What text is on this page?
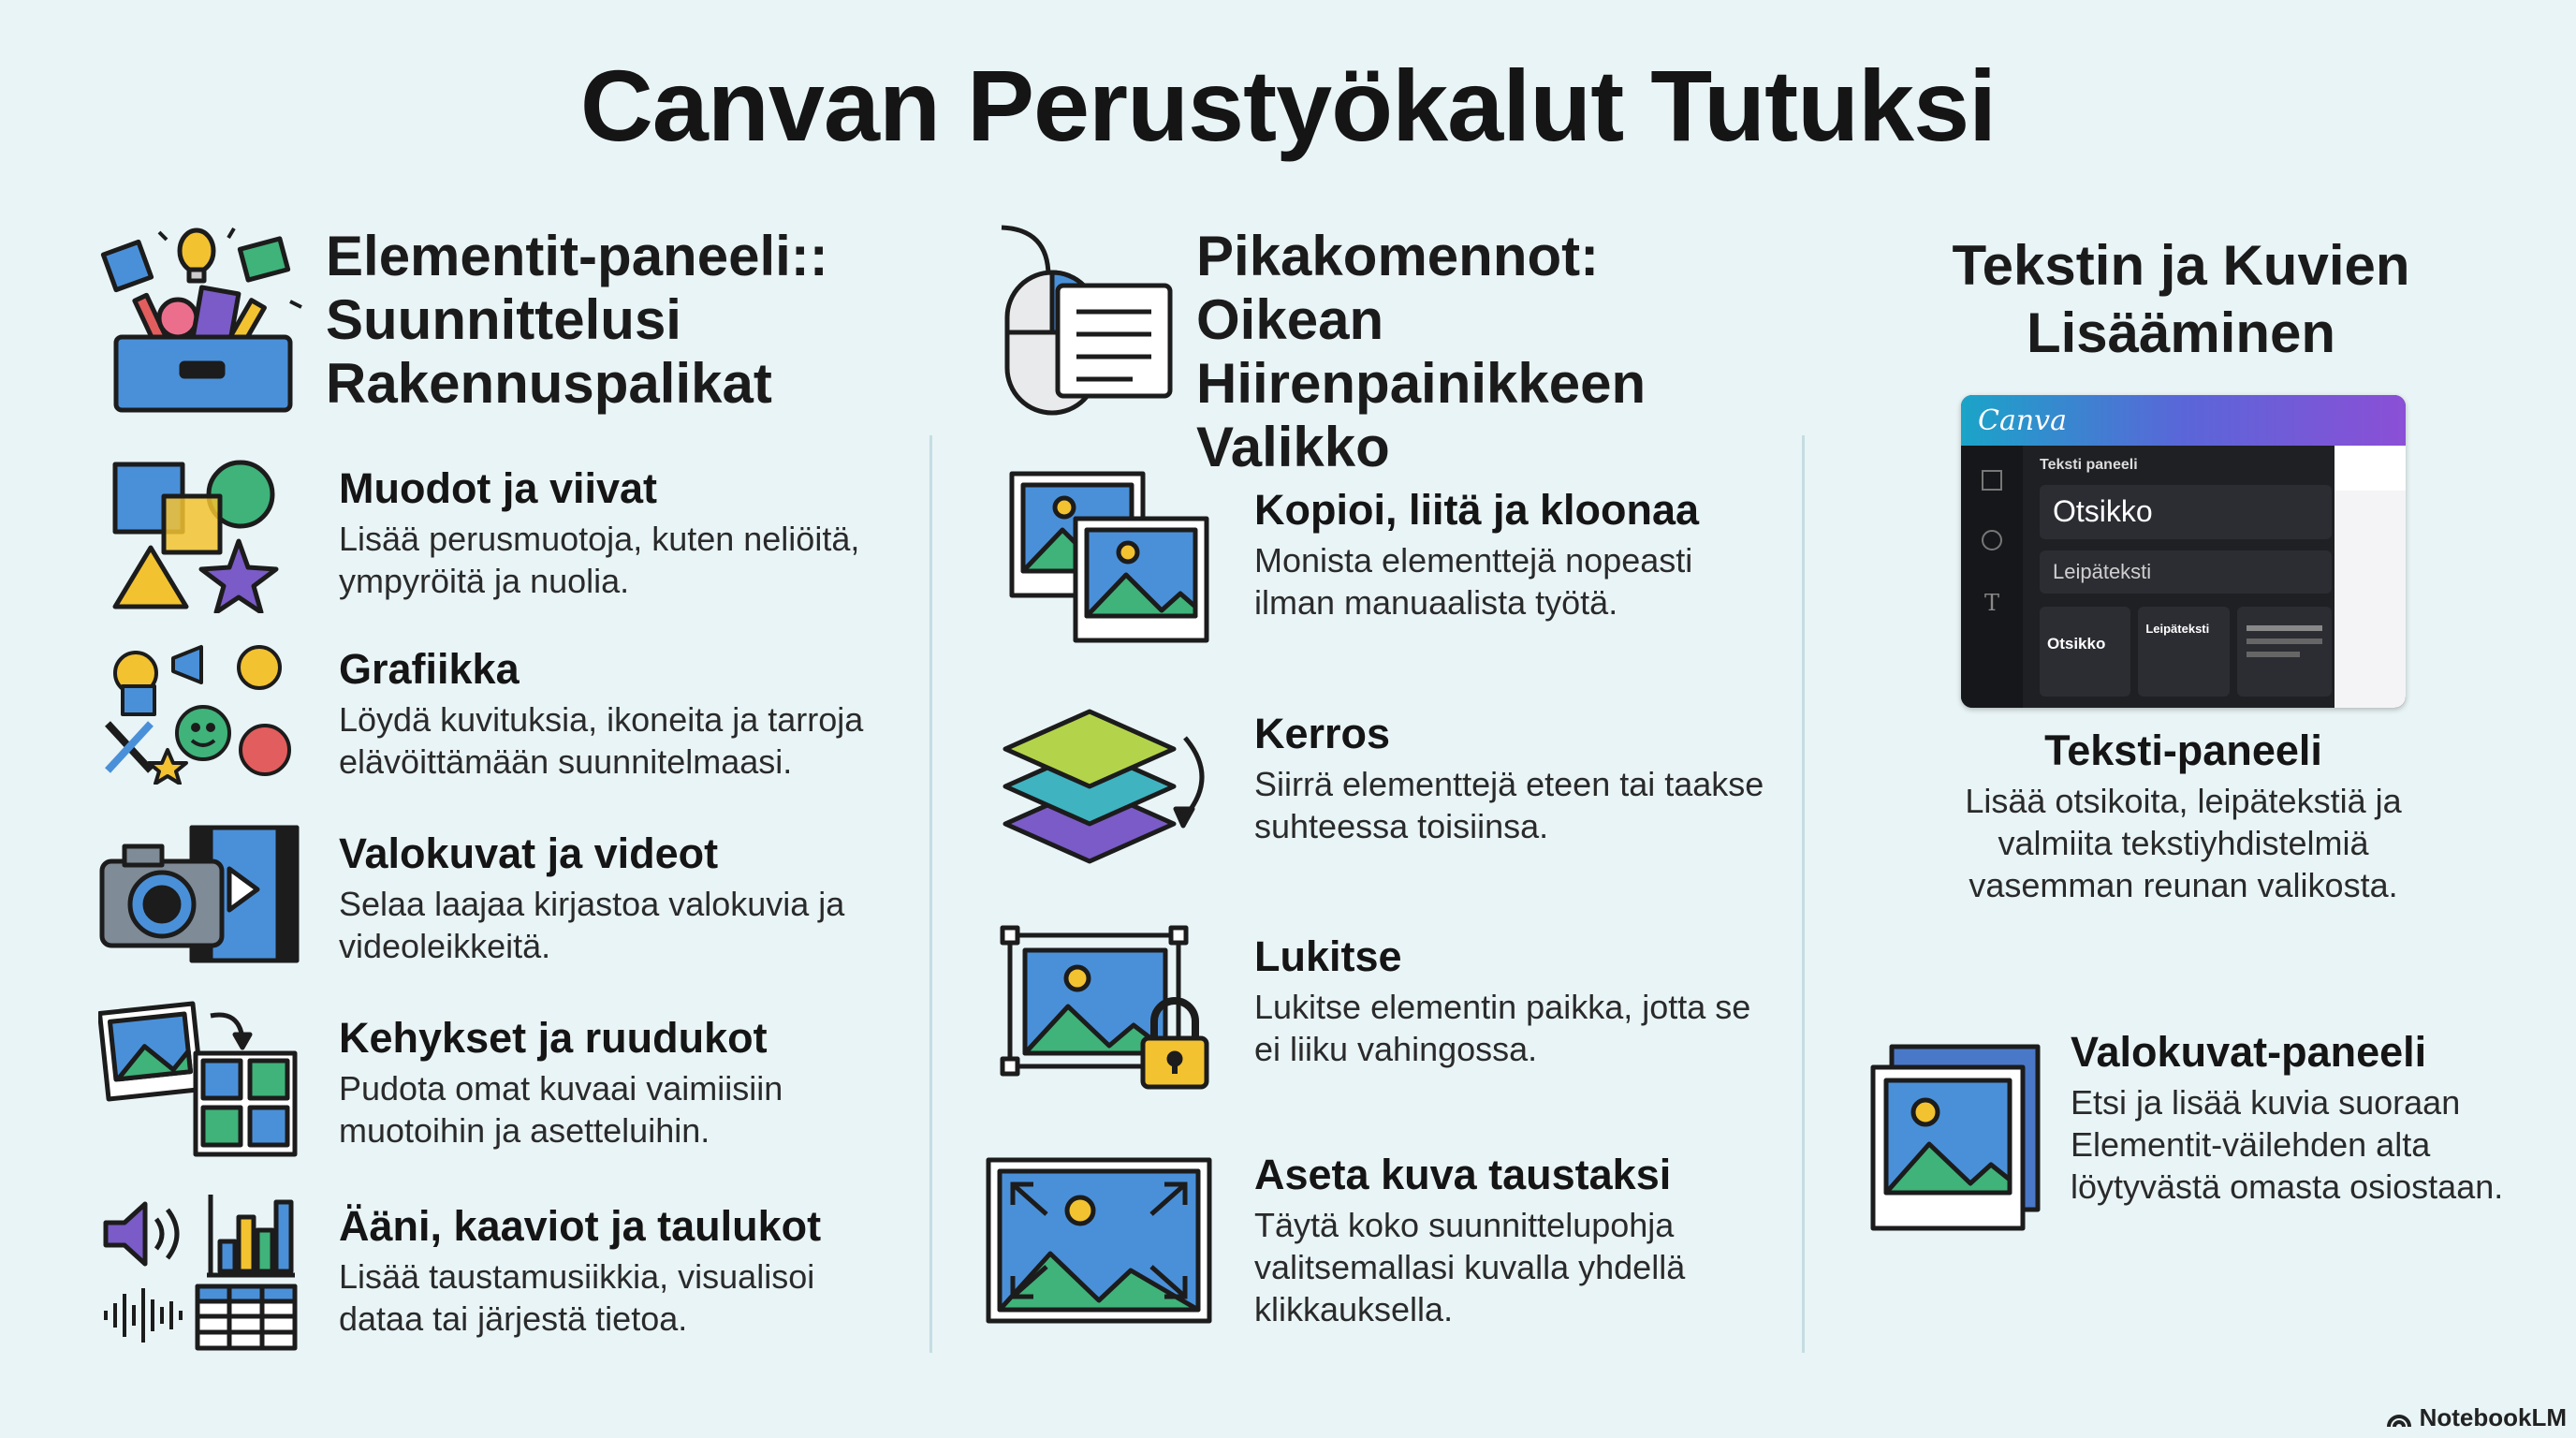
Canvan Perustyökalut Tutuksi
Elementit-paneeli:: Suunnittelusi Rakennuspalikat
Muodot ja viivat
Lisää perusmuotoja, kuten neliöitä, ympyröitä ja nuolia.
Grafiikka
Löydä kuvituksia, ikoneita ja tarroja elävöittämään suunnitelmaasi.
Valokuvat ja videot
Selaa laajaa kirjastoa valokuvia ja videoleikkeitä.
Kehykset ja ruudukot
Pudota omat kuvaai vaimiisiin muotoihin ja asetteluihin.
Ääni, kaaviot ja taulukot
Lisää taustamusiikkia, visualisoi dataa tai järjestä tietoa.
Pikakomennot: Oikean Hiirenpainikkeen Valikko
Kopioi, liitä ja kloonaa
Monista elementtejä nopeasti ilman manuaalista työtä.
Kerros
Siirrä elementtejä eteen tai taakse suhteessa toisiinsa.
Lukitse
Lukitse elementin paikka, jotta se ei liiku vahingossa.
Aseta kuva taustaksi
Täytä koko suunnittelupohja valitsemallasi kuvalla yhdellä klikkauksella.
Tekstin ja Kuvien Lisääminen
Canva
T
Teksti paneeli
Otsikko
Leipäteksti
Otsikko
Leipäteksti
Teksti-paneeli
Lisää otsikoita, leipätekstiä ja valmiita tekstiyhdistelmiä vasemman reunan valikosta.
Valokuvat-paneeli
Etsi ja lisää kuvia suoraan Elementit-väilehden alta löytyvästä omasta osiostaan.
NotebookLM
